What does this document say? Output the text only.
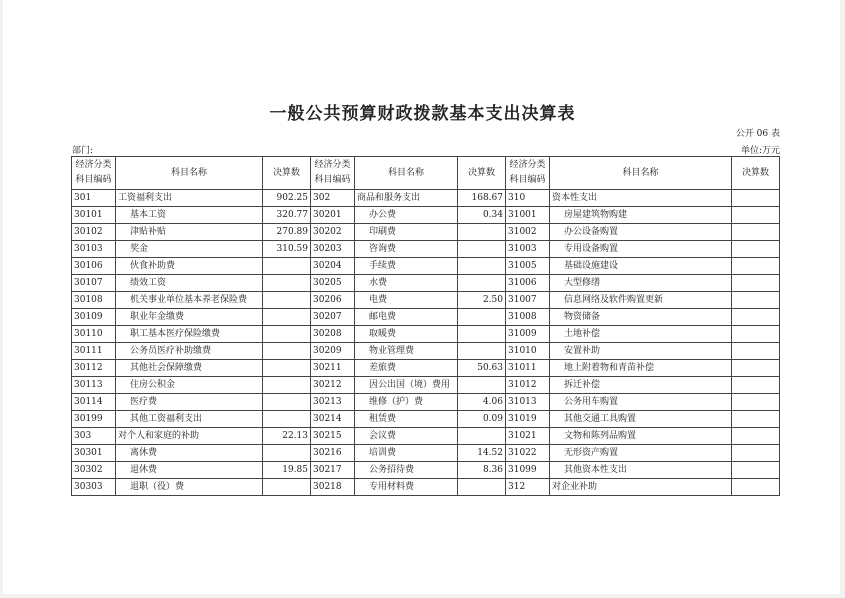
一般公共预算财政拨款基本支出决算表
公开 06 表
部门:	单位:万元
经济分类科目编码	科目名称	决算数	经济分类科目编码	科目名称	决算数	经济分类科目编码	科目名称	决算数
301	工资福利支出	902.25	302	商品和服务支出	168.67	310	资本性支出	
30101	基本工资	320.77	30201	办公费	0.34	31001	房屋建筑物购建	
30102	津贴补贴	270.89	30202	印刷费		31002	办公设备购置	
30103	奖金	310.59	30203	咨询费		31003	专用设备购置	
30106	伙食补助费		30204	手续费		31005	基础设施建设	
30107	绩效工资		30205	水费		31006	大型修缮	
30108	机关事业单位基本养老保险费		30206	电费	2.50	31007	信息网络及软件购置更新	
30109	职业年金缴费		30207	邮电费		31008	物资储备	
30110	职工基本医疗保险缴费		30208	取暖费		31009	土地补偿	
30111	公务员医疗补助缴费		30209	物业管理费		31010	安置补助	
30112	其他社会保障缴费		30211	差旅费	50.63	31011	地上附着物和青苗补偿	
30113	住房公积金		30212	因公出国（境）费用		31012	拆迁补偿	
30114	医疗费		30213	维修（护）费	4.06	31013	公务用车购置	
30199	其他工资福利支出		30214	租赁费	0.09	31019	其他交通工具购置	
303	对个人和家庭的补助	22.13	30215	会议费		31021	文物和陈列品购置	
30301	离休费		30216	培训费	14.52	31022	无形资产购置	
30302	退休费	19.85	30217	公务招待费	8.36	31099	其他资本性支出	
30303	退职（役）费		30218	专用材料费		312	对企业补助	
